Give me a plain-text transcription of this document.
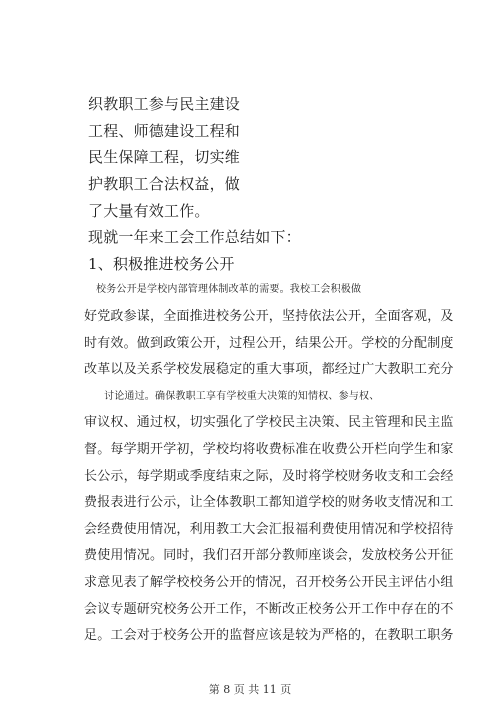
织教职工参与民主建设
工程、师德建设工程和
民生保障工程，切实维
护教职工合法权益，做
了大量有效工作。
现就一年来工会工作总结如下：
1、积极推进校务公开
校务公开是学校内部管理体制改革的需要。我校工会积极做
好党政参谋，全面推进校务公开，坚持依法公开，全面客观，及
时有效。做到政策公开，过程公开，结果公开。学校的分配制度
改革以及关系学校发展稳定的重大事项，都经过广大教职工充分
讨论通过。确保教职工享有学校重大决策的知情权、参与权、
审议权、通过权，切实强化了学校民主决策、民主管理和民主监
督。每学期开学初，学校均将收费标准在收费公开栏向学生和家
长公示，每学期或季度结束之际，及时将学校财务收支和工会经
费报表进行公示，让全体教职工都知道学校的财务收支情况和工
会经费使用情况，利用教工大会汇报福利费使用情况和学校招待
费使用情况。同时，我们召开部分教师座谈会，发放校务公开征
求意见表了解学校校务公开的情况，召开校务公开民主评估小组
会议专题研究校务公开工作，不断改正校务公开工作中存在的不
足。工会对于校务公开的监督应该是较为严格的，在教职工职务
第 8 页 共 11 页
